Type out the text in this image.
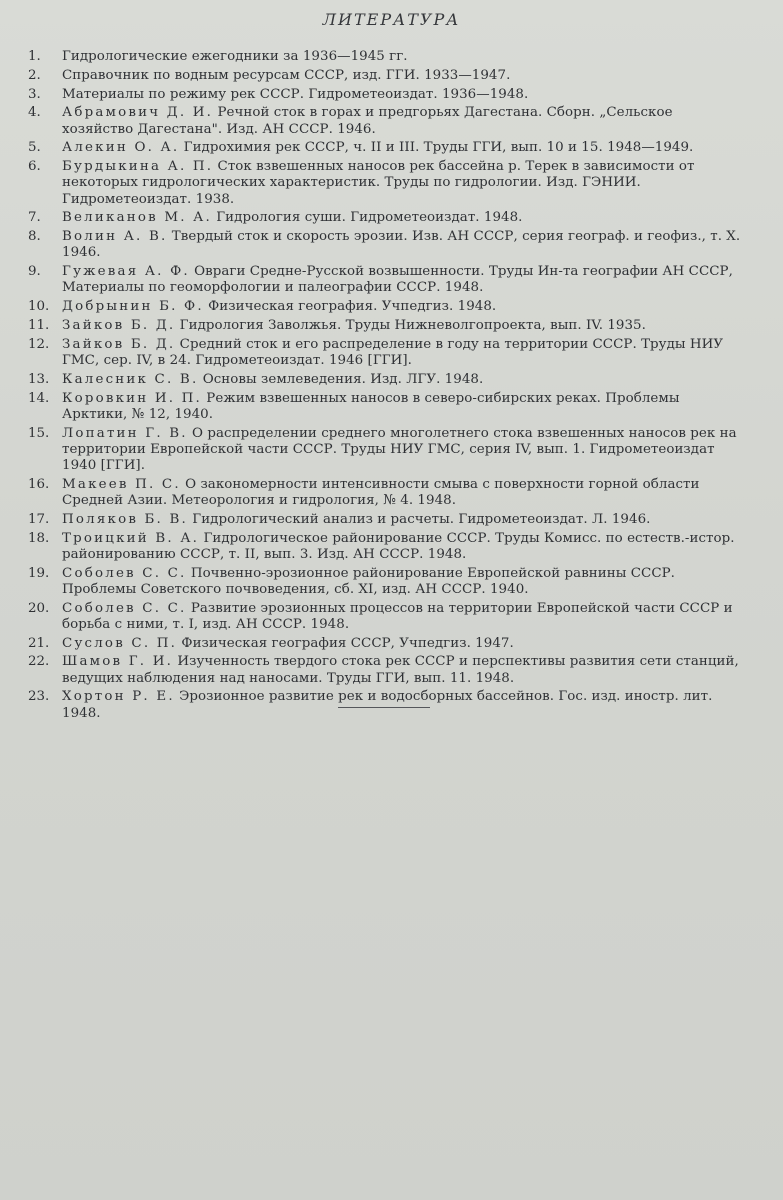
ЛИТЕРАТУРА
1. Гидрологические ежегодники за 1936—1945 гг.
2. Справочник по водным ресурсам СССР, изд. ГГИ. 1933—1947.
3. Материалы по режиму рек СССР. Гидрометеоиздат. 1936—1948.
4. Абрамович Д. И. Речной сток в горах и предгорьях Дагестана. Сборн. „Сельское хозяйство Дагестана". Изд. АН СССР. 1946.
5. Алекин О. А. Гидрохимия рек СССР, ч. II и III. Труды ГГИ, вып. 10 и 15. 1948—1949.
6. Бурдыкина А. П. Сток взвешенных наносов рек бассейна р. Терек в зависимости от некоторых гидрологических характеристик. Труды по гидрологии. Изд. ГЭНИИ. Гидрометеоиздат. 1938.
7. Великанов М. А. Гидрология суши. Гидрометеоиздат. 1948.
8. Волин А. В. Твердый сток и скорость эрозии. Изв. АН СССР, серия географ. и геофиз., т. X. 1946.
9. Гужевая А. Ф. Овраги Средне-Русской возвышенности. Труды Ин-та географии АН СССР, Материалы по геоморфологии и палеографии СССР. 1948.
10. Добрынин Б. Ф. Физическая география. Учпедгиз. 1948.
11. Зайков Б. Д. Гидрология Заволжья. Труды Нижневолгопроекта, вып. IV. 1935.
12. Зайков Б. Д. Средний сток и его распределение в году на территории СССР. Труды НИУ ГМС, сер. IV, в 24. Гидрометеоиздат. 1946 [ГГИ].
13. Калесник С. В. Основы землеведения. Изд. ЛГУ. 1948.
14. Коровкин И. П. Режим взвешенных наносов в северо-сибирских реках. Проблемы Арктики, № 12, 1940.
15. Лопатин Г. В. О распределении среднего многолетнего стока взвешенных наносов рек на территории Европейской части СССР. Труды НИУ ГМС, серия IV, вып. 1. Гидрометеоиздат 1940 [ГГИ].
16. Макеев П. С. О закономерности интенсивности смыва с поверхности горной области Средней Азии. Метеорология и гидрология, № 4. 1948.
17. Поляков Б. В. Гидрологический анализ и расчеты. Гидрометеоиздат. Л. 1946.
18. Троицкий В. А. Гидрологическое районирование СССР. Труды Комисс. по естеств.-истор. районированию СССР, т. II, вып. 3. Изд. АН СССР. 1948.
19. Соболев С. С. Почвенно-эрозионное районирование Европейской равнины СССР. Проблемы Советского почвоведения, сб. XI, изд. АН СССР. 1940.
20. Соболев С. С. Развитие эрозионных процессов на территории Европейской части СССР и борьба с ними, т. I, изд. АН СССР. 1948.
21. Суслов С. П. Физическая география СССР, Учпедгиз. 1947.
22. Шамов Г. И. Изученность твердого стока рек СССР и перспективы развития сети станций, ведущих наблюдения над наносами. Труды ГГИ, вып. 11. 1948.
23. Хортон Р. Е. Эрозионное развитие рек и водосборных бассейнов. Гос. изд. иностр. лит. 1948.
